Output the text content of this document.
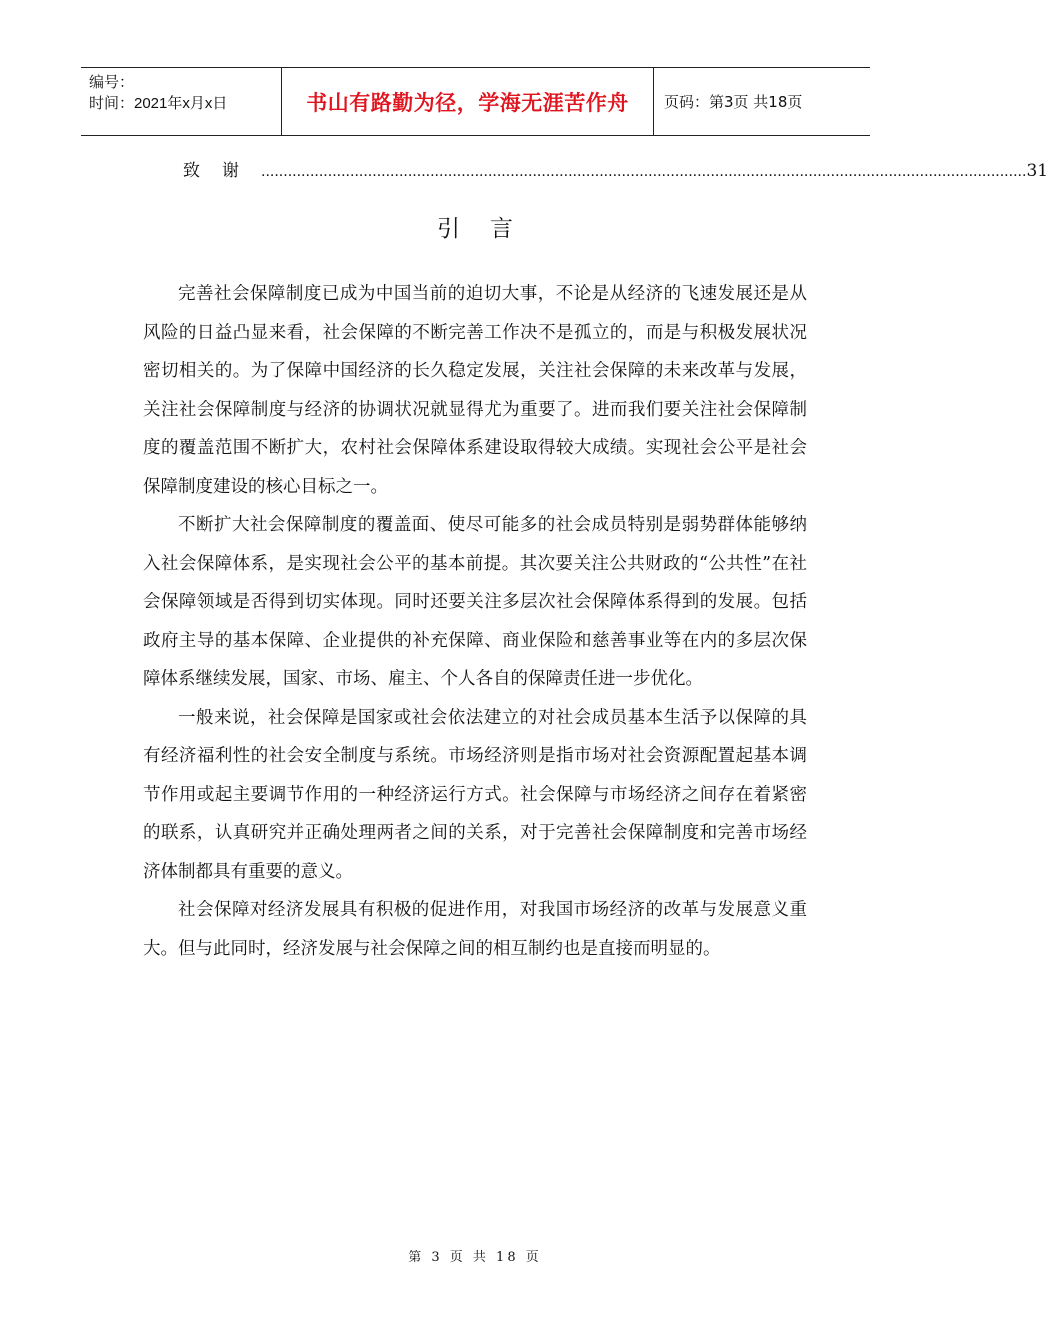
编号：
时间：2021年x月x日	书山有路勤为径，学海无涯苦作舟 页码：第3页 共18页
致谢 ............................................................................................................................................................................ 31
引言

完善社会保障制度已成为中国当前的迫切大事，不论是从经济的飞速发展还是从风险的日益凸显来看，社会保障的不断完善工作决不是孤立的，而是与积极发展状况密切相关的。为了保障中国经济的长久稳定发展，关注社会保障的未来改革与发展，关注社会保障制度与经济的协调状况就显得尤为重要了。进而我们要关注社会保障制度的覆盖范围不断扩大，农村社会保障体系建设取得较大成绩。实现社会公平是社会保障制度建设的核心目标之一。

不断扩大社会保障制度的覆盖面、使尽可能多的社会成员特别是弱势群体能够纳入社会保障体系，是实现社会公平的基本前提。其次要关注公共财政的“公共性”在社会保障领域是否得到切实体现。同时还要关注多层次社会保障体系得到的发展。包括政府主导的基本保障、企业提供的补充保障、商业保险和慈善事业等在内的多层次保障体系继续发展，国家、市场、雇主、个人各自的保障责任进一步优化。

一般来说，社会保障是国家或社会依法建立的对社会成员基本生活予以保障的具有经济福利性的社会安全制度与系统。市场经济则是指市场对社会资源配置起基本调节作用或起主要调节作用的一种经济运行方式。社会保障与市场经济之间存在着紧密的联系，认真研究并正确处理两者之间的关系，对于完善社会保障制度和完善市场经济体制都具有重要的意义。

社会保障对经济发展具有积极的促进作用，对我国市场经济的改革与发展意义重大。但与此同时，经济发展与社会保障之间的相互制约也是直接而明显的。

第 3 页 共 18 页
